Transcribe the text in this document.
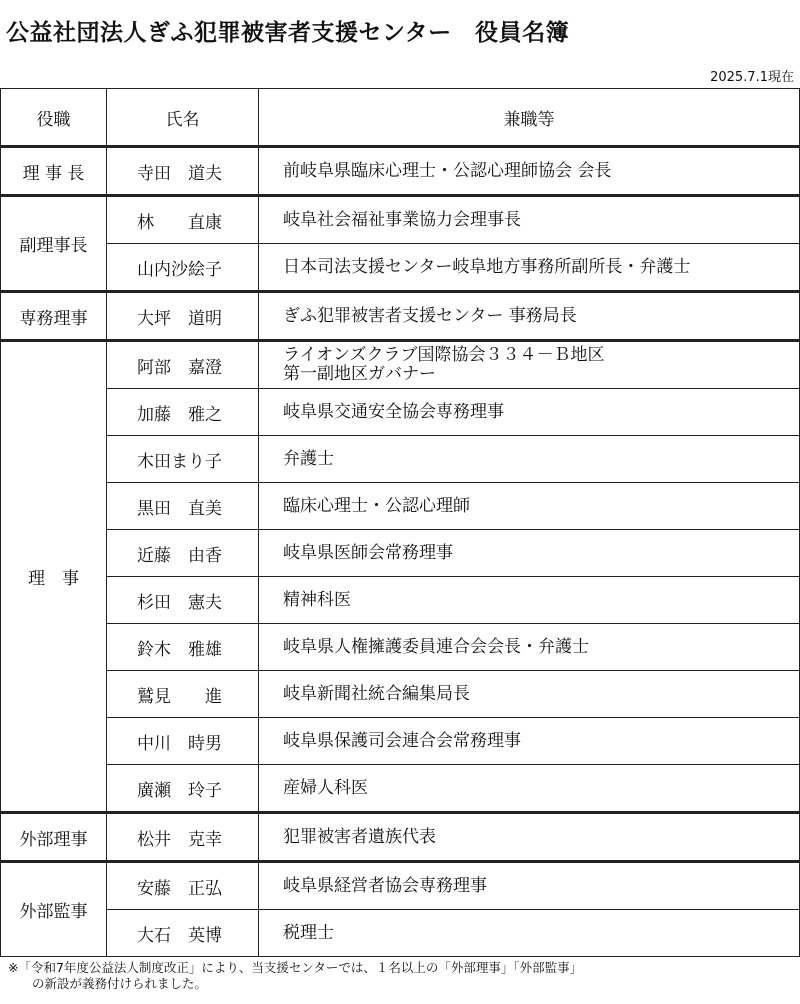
公益社団法人ぎふ犯罪被害者支援センター　役員名簿
2025.7.1現在
役職	氏名	兼職等
理 事 長	寺田　道夫	前岐阜県臨床心理士・公認心理師協会 会長
副理事長	林　　直康	岐阜社会福祉事業協力会理事長
	山内沙絵子	日本司法支援センター岐阜地方事務所副所長・弁護士
専務理事	大坪　道明	ぎふ犯罪被害者支援センター 事務局長
理　事	阿部　嘉澄	ライオンズクラブ国際協会３３４－Ｂ地区
第一副地区ガバナー
	加藤　雅之	岐阜県交通安全協会専務理事
	木田まり子	弁護士
	黒田　直美	臨床心理士・公認心理師
	近藤　由香	岐阜県医師会常務理事
	杉田　憲夫	精神科医
	鈴木　雅雄	岐阜県人権擁護委員連合会会長・弁護士
	鷲見　　進	岐阜新聞社統合編集局長
	中川　時男	岐阜県保護司会連合会常務理事
	廣瀬　玲子	産婦人科医
外部理事	松井　克幸	犯罪被害者遺族代表
外部監事	安藤　正弘	岐阜県経営者協会専務理事
	大石　英博	税理士
※「令和7年度公益法人制度改正」により、当支援センターでは、１名以上の「外部理事」「外部監事」
の新設が義務付けられました。
